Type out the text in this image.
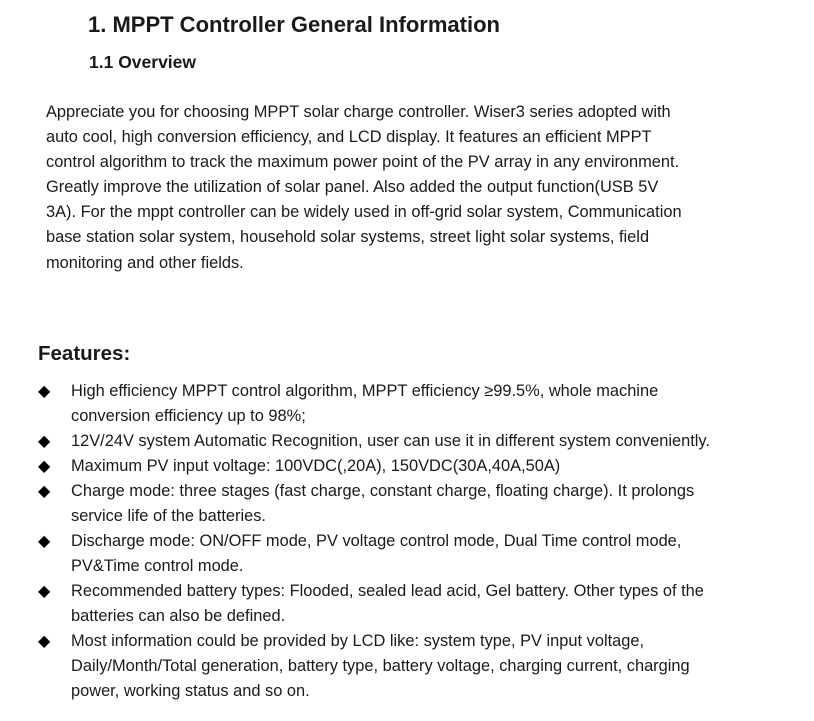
1. MPPT Controller General Information
1.1 Overview

Appreciate you for choosing MPPT solar charge controller. Wiser3 series adopted with
auto cool, high conversion efficiency, and LCD display. It features an efficient MPPT
control algorithm to track the maximum power point of the PV array in any environment.
Greatly improve the utilization of solar panel. Also added the output function(USB 5V
3A). For the mppt controller can be widely used in off-grid solar system, Communication
base station solar system, household solar systems, street light solar systems, field
monitoring and other fields.

Features:
◆ High efficiency MPPT control algorithm, MPPT efficiency ≥99.5%, whole machine
conversion efficiency up to 98%;
◆ 12V/24V system Automatic Recognition, user can use it in different system conveniently.
◆ Maximum PV input voltage: 100VDC(,20A), 150VDC(30A,40A,50A)
◆ Charge mode: three stages (fast charge, constant charge, floating charge). It prolongs
service life of the batteries.
◆ Discharge mode: ON/OFF mode, PV voltage control mode, Dual Time control mode,
PV&Time control mode.
◆ Recommended battery types: Flooded, sealed lead acid, Gel battery. Other types of the
batteries can also be defined.
◆ Most information could be provided by LCD like: system type, PV input voltage,
Daily/Month/Total generation, battery type, battery voltage, charging current, charging
power, working status and so on.
